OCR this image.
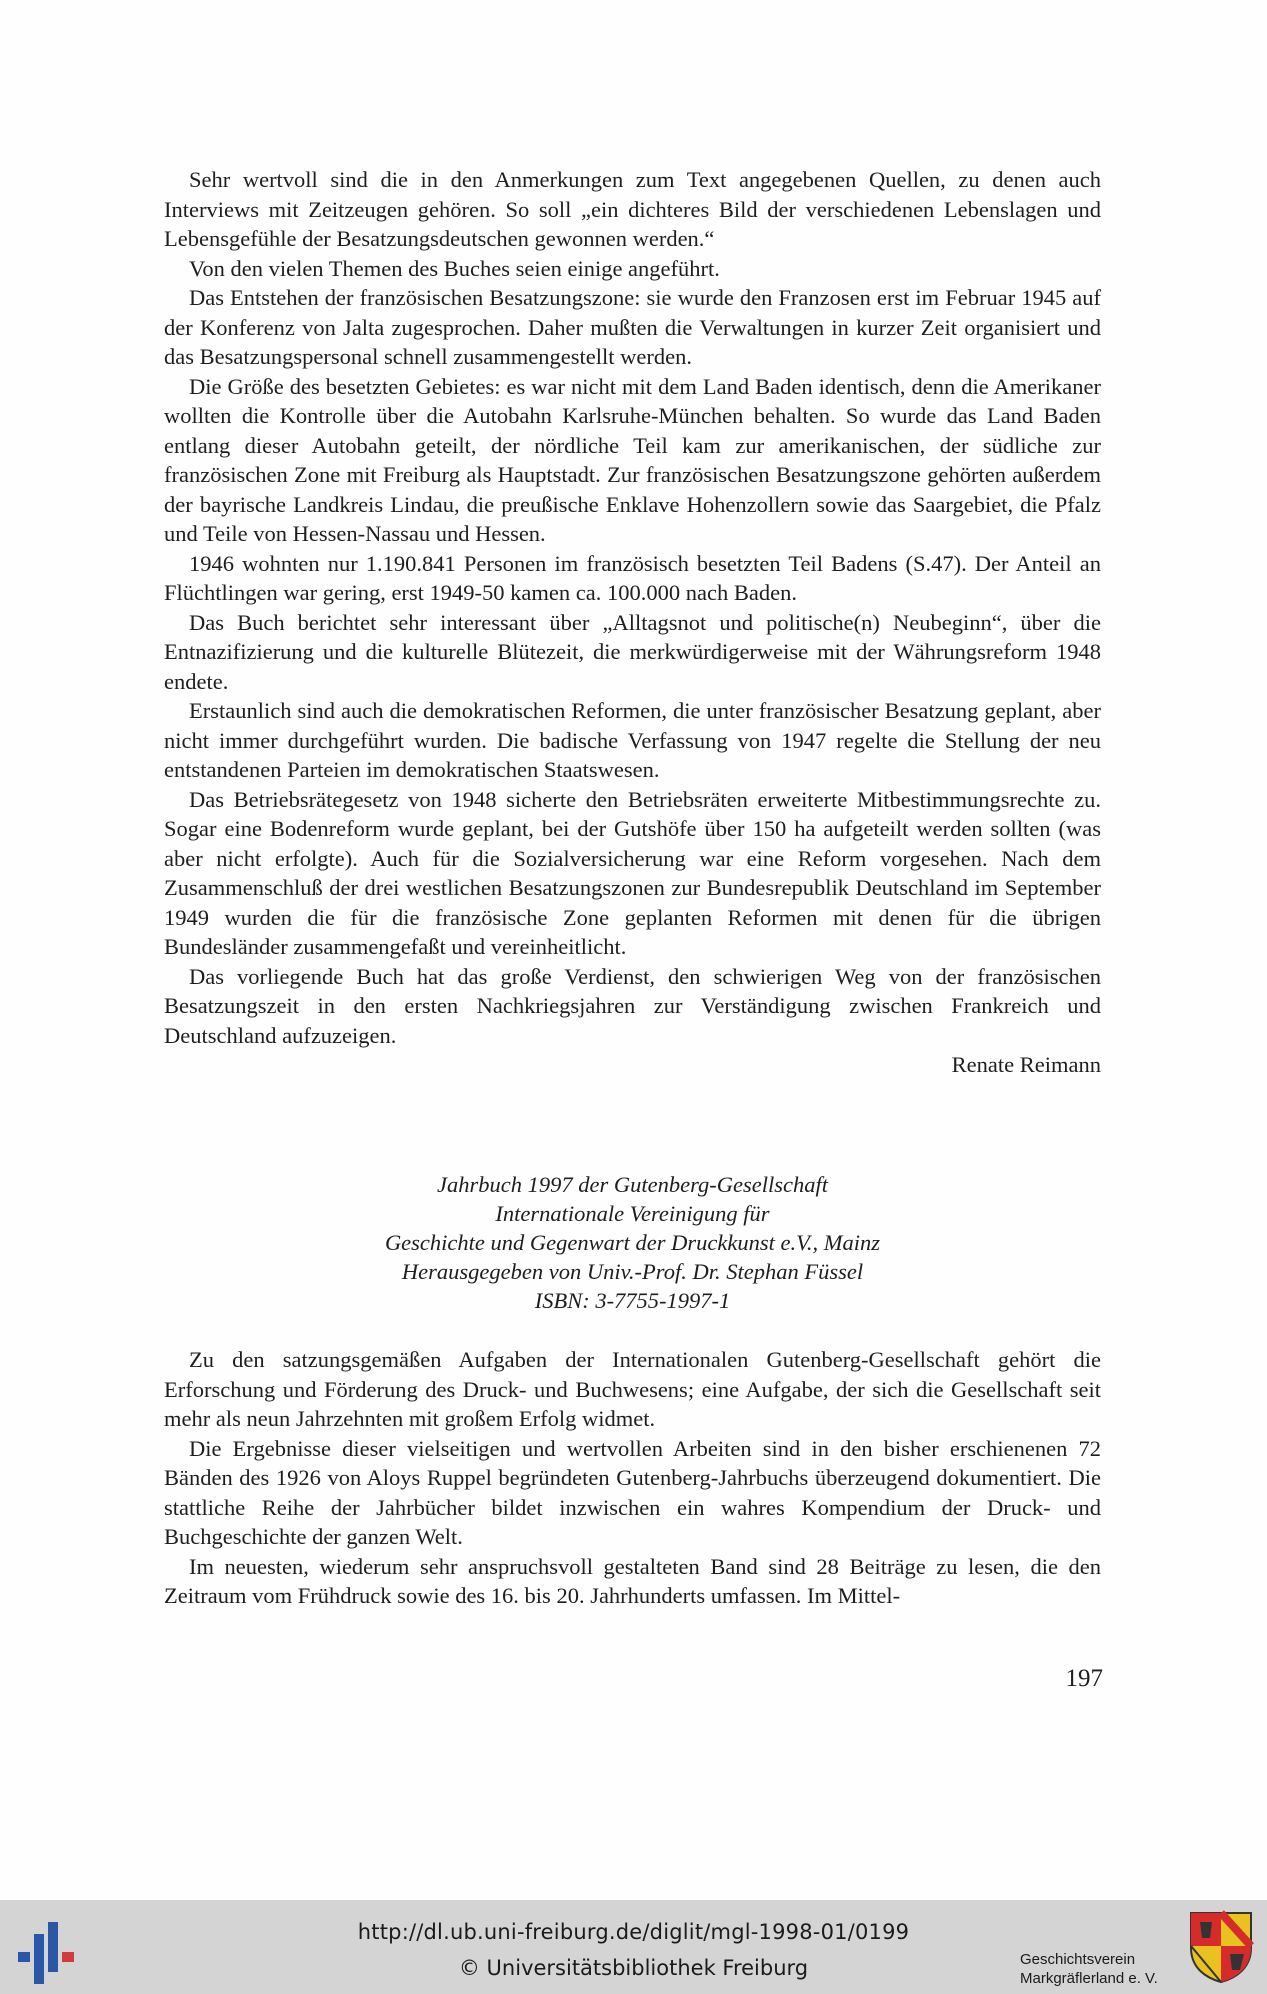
Sehr wertvoll sind die in den Anmerkungen zum Text angegebenen Quellen, zu denen auch Interviews mit Zeitzeugen gehören. So soll „ein dichteres Bild der verschiedenen Lebenslagen und Lebensgefühle der Besatzungsdeutschen gewonnen werden.“

Von den vielen Themen des Buches seien einige angeführt.

Das Entstehen der französischen Besatzungszone: sie wurde den Franzosen erst im Februar 1945 auf der Konferenz von Jalta zugesprochen. Daher mußten die Verwaltungen in kurzer Zeit organisiert und das Besatzungspersonal schnell zusammengestellt werden.

Die Größe des besetzten Gebietes: es war nicht mit dem Land Baden identisch, denn die Amerikaner wollten die Kontrolle über die Autobahn Karlsruhe-München behalten. So wurde das Land Baden entlang dieser Autobahn geteilt, der nördliche Teil kam zur amerikanischen, der südliche zur französischen Zone mit Freiburg als Hauptstadt. Zur französischen Besatzungszone gehörten außerdem der bayrische Landkreis Lindau, die preußische Enklave Hohenzollern sowie das Saargebiet, die Pfalz und Teile von Hessen-Nassau und Hessen.

1946 wohnten nur 1.190.841 Personen im französisch besetzten Teil Badens (S.47). Der Anteil an Flüchtlingen war gering, erst 1949-50 kamen ca. 100.000 nach Baden.

Das Buch berichtet sehr interessant über „Alltagsnot und politische(n) Neubeginn“, über die Entnazifizierung und die kulturelle Blütezeit, die merkwürdigerweise mit der Währungsreform 1948 endete.

Erstaunlich sind auch die demokratischen Reformen, die unter französischer Besatzung geplant, aber nicht immer durchgeführt wurden. Die badische Verfassung von 1947 regelte die Stellung der neu entstandenen Parteien im demokratischen Staatswesen.

Das Betriebsrätegesetz von 1948 sicherte den Betriebsräten erweiterte Mitbestimmungsrechte zu. Sogar eine Bodenreform wurde geplant, bei der Gutshöfe über 150 ha aufgeteilt werden sollten (was aber nicht erfolgte). Auch für die Sozialversicherung war eine Reform vorgesehen. Nach dem Zusammenschluß der drei westlichen Besatzungszonen zur Bundesrepublik Deutschland im September 1949 wurden die für die französische Zone geplanten Reformen mit denen für die übrigen Bundesländer zusammengefaßt und vereinheitlicht.

Das vorliegende Buch hat das große Verdienst, den schwierigen Weg von der französischen Besatzungszeit in den ersten Nachkriegsjahren zur Verständigung zwischen Frankreich und Deutschland aufzuzeigen.

Renate Reimann

Jahrbuch 1997 der Gutenberg-Gesellschaft
Internationale Vereinigung für
Geschichte und Gegenwart der Druckkunst e.V., Mainz
Herausgegeben von Univ.-Prof. Dr. Stephan Füssel
ISBN: 3-7755-1997-1

Zu den satzungsgemäßen Aufgaben der Internationalen Gutenberg-Gesellschaft gehört die Erforschung und Förderung des Druck- und Buchwesens; eine Aufgabe, der sich die Gesellschaft seit mehr als neun Jahrzehnten mit großem Erfolg widmet.

Die Ergebnisse dieser vielseitigen und wertvollen Arbeiten sind in den bisher erschienenen 72 Bänden des 1926 von Aloys Ruppel begründeten Gutenberg-Jahrbuchs überzeugend dokumentiert. Die stattliche Reihe der Jahrbücher bildet inzwischen ein wahres Kompendium der Druck- und Buchgeschichte der ganzen Welt.

Im neuesten, wiederum sehr anspruchsvoll gestalteten Band sind 28 Beiträge zu lesen, die den Zeitraum vom Frühdruck sowie des 16. bis 20. Jahrhunderts umfassen. Im Mittel-

197
http://dl.ub.uni-freiburg.de/diglit/mgl-1998-01/0199
© Universitätsbibliothek Freiburg	Geschichtsverein
Markgräflerland e. V.
